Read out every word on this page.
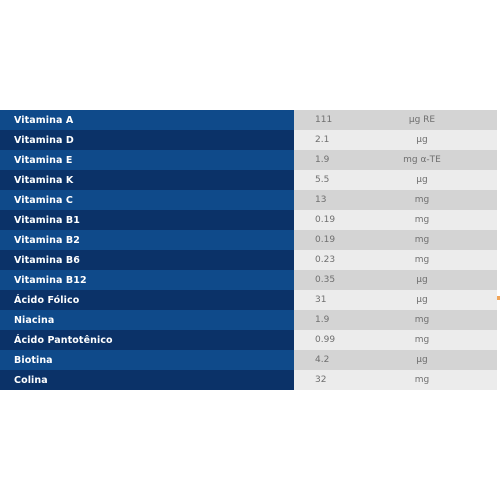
Vitamina A	111	µg RE
Vitamina D	2.1	µg
Vitamina E	1.9	mg α-TE
Vitamina K	5.5	µg
Vitamina C	13	mg
Vitamina B1	0.19	mg
Vitamina B2	0.19	mg
Vitamina B6	0.23	mg
Vitamina B12	0.35	µg
Ácido Fólico	31	µg
Niacina	1.9	mg
Ácido Pantotênico	0.99	mg
Biotina	4.2	µg
Colina	32	mg
